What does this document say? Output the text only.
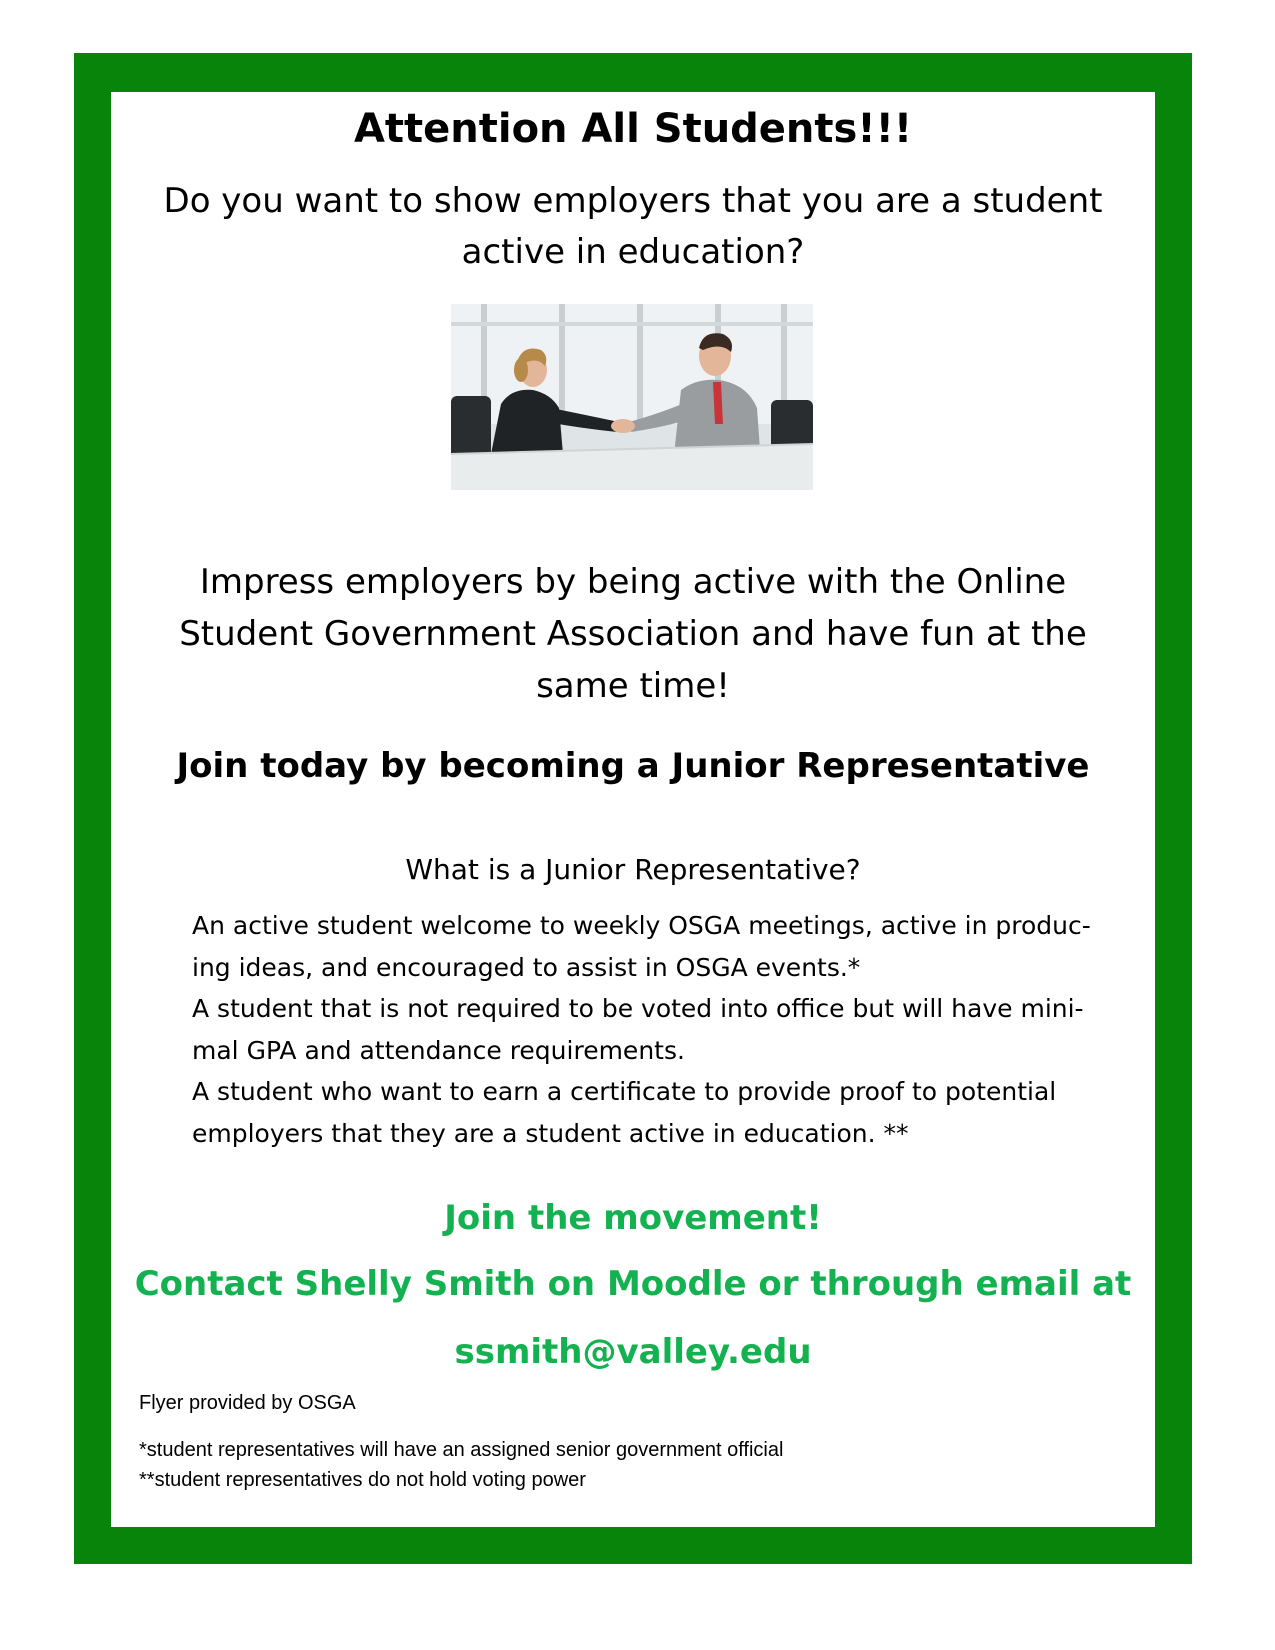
Attention All Students!!!
Do you want to show employers that you are a student active in education?
Impress employers by being active with the Online Student Government Association and have fun at the same time!
Join today by becoming a Junior Representative
What is a Junior Representative?
An active student welcome to weekly OSGA meetings, active in produc-
ing ideas, and encouraged to assist in OSGA events.*
A student that is not required to be voted into office but will have mini-
mal GPA and attendance requirements.
A student who want to earn a certificate to provide proof to potential
employers that they are a student active in education. **
Join the movement!
Contact Shelly Smith on Moodle or through email at
ssmith@valley.edu
Flyer provided by OSGA
*student representatives will have an assigned senior government official
**student representatives do not hold voting power
